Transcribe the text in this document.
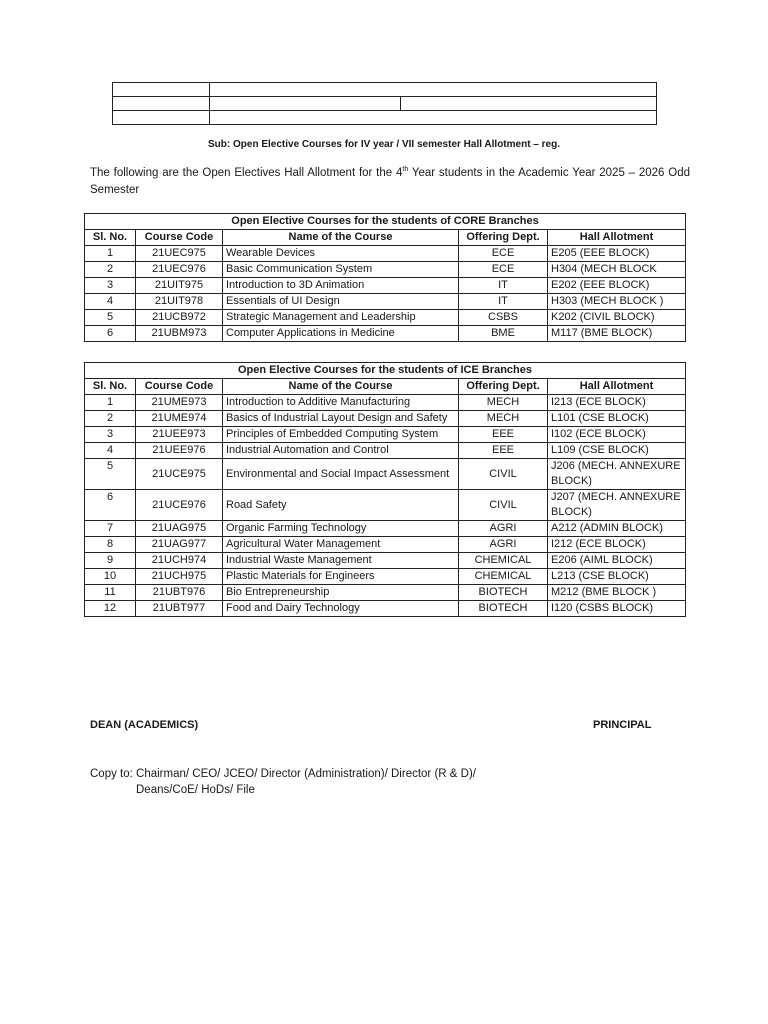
Sub: Open Elective Courses for IV year / VII semester Hall Allotment – reg.
The following are the Open Electives Hall Allotment for the 4th Year students in the Academic Year 2025 – 2026 Odd Semester
Open Elective Courses for the students of CORE Branches				
Sl. No.	Course Code	Name of the Course	Offering Dept.	Hall Allotment
1	21UEC975	Wearable Devices	ECE	E205 (EEE BLOCK)
2	21UEC976	Basic Communication System	ECE	H304 (MECH BLOCK
3	21UIT975	Introduction to 3D Animation	IT	E202 (EEE BLOCK)
4	21UIT978	Essentials of UI Design	IT	H303 (MECH BLOCK )
5	21UCB972	Strategic Management and Leadership	CSBS	K202 (CIVIL BLOCK)
6	21UBM973	Computer Applications in Medicine	BME	M117 (BME BLOCK)
Open Elective Courses for the students of ICE Branches				
Sl. No.	Course Code	Name of the Course	Offering Dept.	Hall Allotment
1	21UME973	Introduction to Additive Manufacturing	MECH	I213 (ECE BLOCK)
2	21UME974	Basics of Industrial Layout Design and Safety	MECH	L101 (CSE BLOCK)
3	21UEE973	Principles of Embedded Computing System	EEE	I102 (ECE BLOCK)
4	21UEE976	Industrial Automation and Control	EEE	L109 (CSE BLOCK)
5	21UCE975	Environmental and Social Impact Assessment	CIVIL	J206 (MECH. ANNEXURE BLOCK)
6	21UCE976	Road Safety	CIVIL	J207 (MECH. ANNEXURE BLOCK)
7	21UAG975	Organic Farming Technology	AGRI	A212 (ADMIN BLOCK)
8	21UAG977	Agricultural Water Management	AGRI	I212 (ECE BLOCK)
9	21UCH974	Industrial Waste Management	CHEMICAL	E206 (AIML BLOCK)
10	21UCH975	Plastic Materials for Engineers	CHEMICAL	L213 (CSE BLOCK)
11	21UBT976	Bio Entrepreneurship	BIOTECH	M212 (BME BLOCK )
12	21UBT977	Food and Dairy Technology	BIOTECH	I120 (CSBS BLOCK)
DEAN (ACADEMICS)	PRINCIPAL
Copy to: Chairman/ CEO/ JCEO/ Director (Administration)/ Director (R & D)/
Deans/CoE/ HoDs/ File
